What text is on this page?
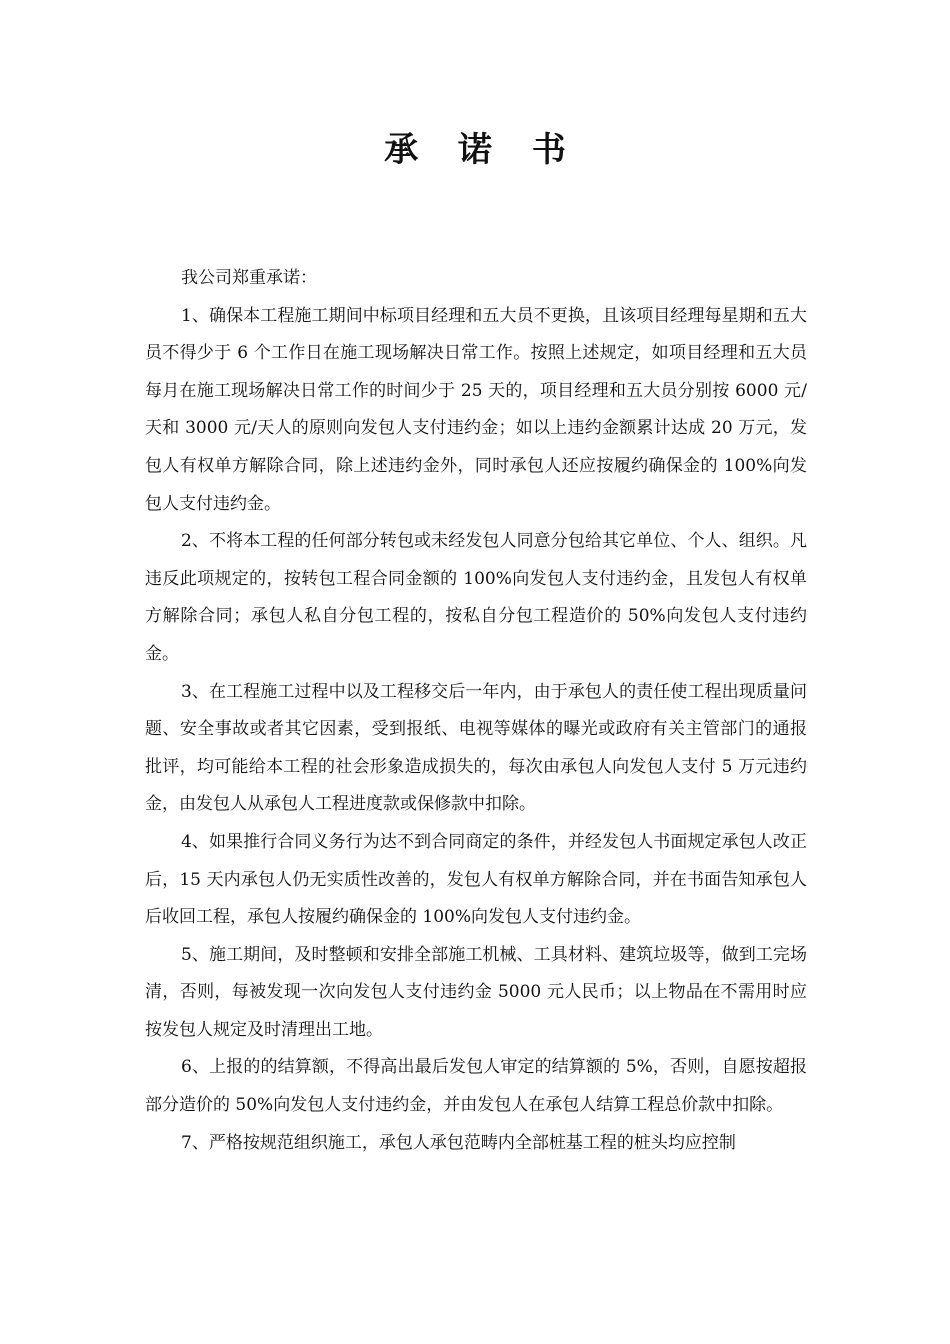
承 诺 书

我公司郑重承诺：

1、确保本工程施工期间中标项目经理和五大员不更换，且该项目经理每星期和五大员不得少于 6 个工作日在施工现场解决日常工作。按照上述规定，如项目经理和五大员每月在施工现场解决日常工作的时间少于 25 天的，项目经理和五大员分别按 6000 元/天和 3000 元/天人的原则向发包人支付违约金；如以上违约金额累计达成 20 万元，发包人有权单方解除合同，除上述违约金外，同时承包人还应按履约确保金的 100%向发包人支付违约金。

2、不将本工程的任何部分转包或未经发包人同意分包给其它单位、个人、组织。凡违反此项规定的，按转包工程合同金额的 100%向发包人支付违约金，且发包人有权单方解除合同；承包人私自分包工程的，按私自分包工程造价的 50%向发包人支付违约金。

3、在工程施工过程中以及工程移交后一年内，由于承包人的责任使工程出现质量问题、安全事故或者其它因素，受到报纸、电视等媒体的曝光或政府有关主管部门的通报批评，均可能给本工程的社会形象造成损失的，每次由承包人向发包人支付 5 万元违约金，由发包人从承包人工程进度款或保修款中扣除。

4、如果推行合同义务行为达不到合同商定的条件，并经发包人书面规定承包人改正后，15 天内承包人仍无实质性改善的，发包人有权单方解除合同，并在书面告知承包人后收回工程，承包人按履约确保金的 100%向发包人支付违约金。

5、施工期间，及时整顿和安排全部施工机械、工具材料、建筑垃圾等，做到工完场清，否则，每被发现一次向发包人支付违约金 5000 元人民币；以上物品在不需用时应按发包人规定及时清理出工地。

6、上报的的结算额，不得高出最后发包人审定的结算额的 5%，否则，自愿按超报部分造价的 50%向发包人支付违约金，并由发包人在承包人结算工程总价款中扣除。

7、严格按规范组织施工，承包人承包范畴内全部桩基工程的桩头均应控制
